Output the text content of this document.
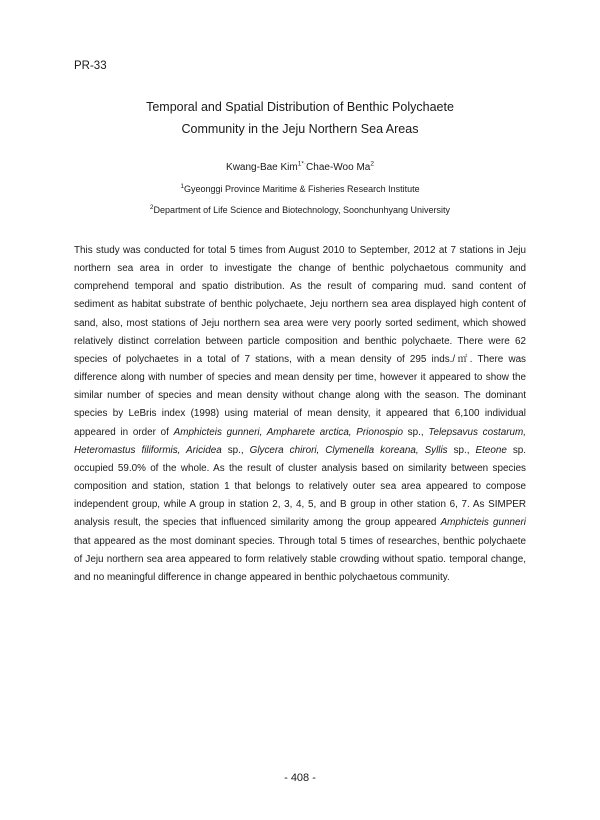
PR-33
Temporal and Spatial Distribution of Benthic Polychaete
Community in the Jeju Northern Sea Areas
Kwang-Bae Kim$^{1*\cdot}$Chae-Woo Ma$^2$
$^1$Gyeonggi Province Maritime & Fisheries Research Institute
$^2$Department of Life Science and Biotechnology, Soonchunhyang University

This study was conducted for total 5 times from August 2010 to September, 2012 at 7 stations in Jeju northern sea area in order to investigate the change of benthic polychaetous community and comprehend temporal and spatio distribution. As the result of comparing mud. sand content of sediment as habitat substrate of benthic polychaete, Jeju northern sea area displayed high content of sand, also, most stations of Jeju northern sea area were very poorly sorted sediment, which showed relatively distinct correlation between particle composition and benthic polychaete. There were 62 species of polychaetes in a total of 7 stations, with a mean density of 295 inds./㎡. There was difference along with number of species and mean density per time, however it appeared to show the similar number of species and mean density without change along with the season. The dominant species by LeBris index (1998) using material of mean density, it appeared that 6,100 individual appeared in order of Amphicteis gunneri, Ampharete arctica, Prionospio sp., Telepsavus costarum, Heteromastus filiformis, Aricidea sp., Glycera chirori, Clymenella koreana, Syllis sp., Eteone sp. occupied 59.0% of the whole. As the result of cluster analysis based on similarity between species composition and station, station 1 that belongs to relatively outer sea area appeared to compose independent group, while A group in station 2, 3, 4, 5, and B group in other station 6, 7. As SIMPER analysis result, the species that influenced similarity among the group appeared Amphicteis gunneri that appeared as the most dominant species. Through total 5 times of researches, benthic polychaete of Jeju northern sea area appeared to form relatively stable crowding without spatio. temporal change, and no meaningful difference in change appeared in benthic polychaetous community.

- 408 -
